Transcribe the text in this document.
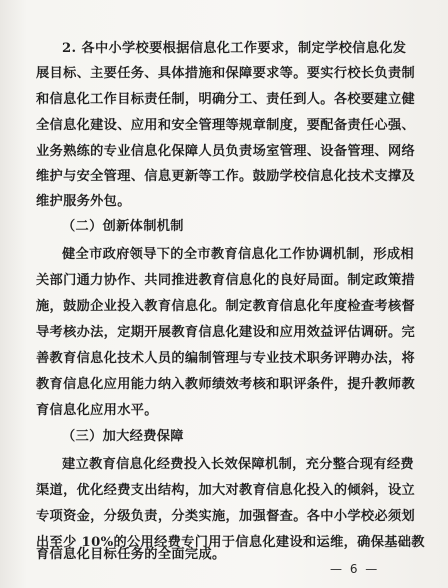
2. 各中小学校要根据信息化工作要求，制定学校信息化发
展目标、主要任务、具体措施和保障要求等。要实行校长负责制
和信息化工作目标责任制，明确分工、责任到人。各校要建立健
全信息化建设、应用和安全管理等规章制度，要配备责任心强、
业务熟练的专业信息化保障人员负责场室管理、设备管理、网络
维护与安全管理、信息更新等工作。鼓励学校信息化技术支撑及
维护服务外包。
（二）创新体制机制
健全市政府领导下的全市教育信息化工作协调机制，形成相
关部门通力协作、共同推进教育信息化的良好局面。制定政策措
施，鼓励企业投入教育信息化。制定教育信息化年度检查考核督
导考核办法，定期开展教育信息化建设和应用效益评估调研。完
善教育信息化技术人员的编制管理与专业技术职务评聘办法，将
教育信息化应用能力纳入教师绩效考核和职评条件，提升教师教
育信息化应用水平。
（三）加大经费保障
建立教育信息化经费投入长效保障机制，充分整合现有经费
渠道，优化经费支出结构，加大对教育信息化投入的倾斜，设立
专项资金，分级负责，分类实施，加强督查。各中小学校必须划
出至少 10%的公用经费专门用于信息化建设和运维，确保基础教
— 6 —
育信息化目标任务的全面完成。
